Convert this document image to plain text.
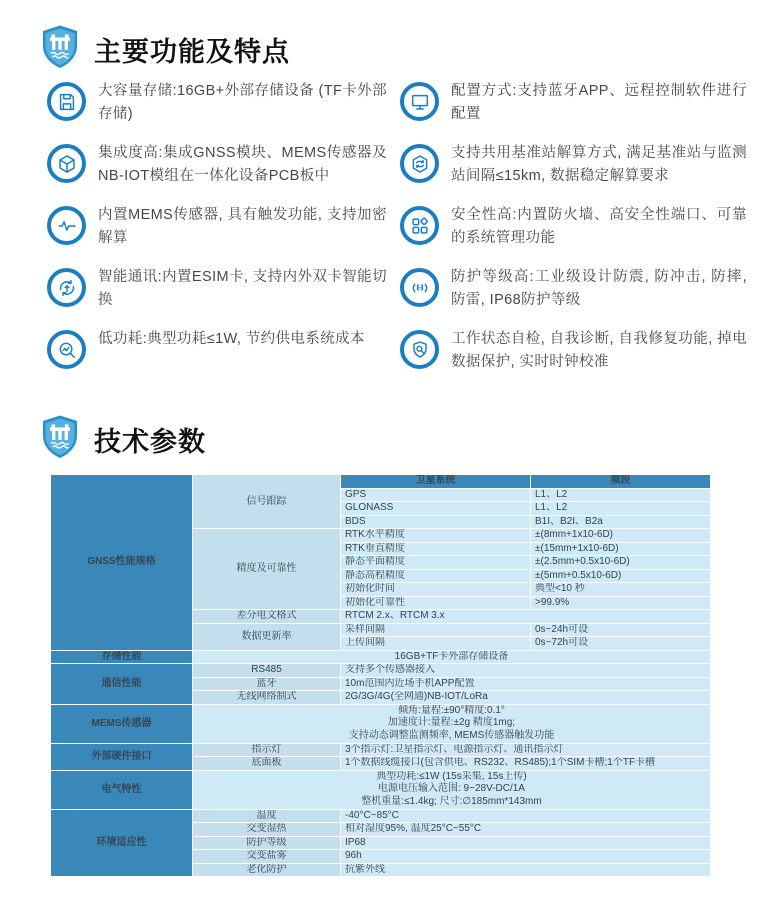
主要功能及特点
大容量存储:16GB+外部存储设备 (TF卡外部存储)
集成度高:集成GNSS模块、MEMS传感器及NB-IOT模组在一体化设备PCB板中
内置MEMS传感器, 具有触发功能, 支持加密解算
智能通讯:内置ESIM卡, 支持内外双卡智能切换
低功耗:典型功耗≤1W, 节约供电系统成本
配置方式:支持蓝牙APP、远程控制软件进行配置
支持共用基准站解算方式, 满足基准站与监测站间隔≤15km, 数据稳定解算要求
安全性高:内置防火墙、高安全性端口、可靠的系统管理功能
防护等级高:工业级设计防震, 防冲击, 防摔, 防雷, IP68防护等级
工作状态自检, 自我诊断, 自我修复功能, 掉电数据保护, 实时时钟校准
技术参数
GNSS性能规格	信号跟踪	卫星系统	频段
		GPS	L1、L2
		GLONASS	L1、L2
		BDS	B1I、B2I、B2a
	精度及可靠性	RTK水平精度	±(8mm+1x10-6D)
		RTK垂直精度	±(15mm+1x10-6D)
		静态平面精度	±(2.5mm+0.5x10-6D)
		静态高程精度	±(5mm+0.5x10-6D)
		初始化时间	典型<10 秒
		初始化可靠性	>99.9%
	差分电文格式	RTCM 2.x、RTCM 3.x	
	数据更新率	采样间隔	0s~24h可设
		上传间隔	0s~72h可设
存储性能	16GB+TF卡外部存储设备		
通信性能	RS485	支持多个传感器接入	
	蓝牙	10m范围内近场手机APP配置	
	无线网络制式	2G/3G/4G(全网通)NB-IOT/LoRa	
MEMS传感器	倾角:量程:±90°精度:0.1°
加速度计:量程:±2g 精度1mg;
支持动态调整监测频率, MEMS传感器触发功能		

外部硬件接口	指示灯	3个指示灯:卫星指示灯、电源指示灯、通讯指示灯	
	底面板	1个数据线缆接口(包含供电、RS232、RS485);1个SIM卡槽;1个TF卡槽	
电气特性	典型功耗:≤1W (15s采集, 15s上传)
电源电压输入范围: 9~28V-DC/1A
整机重量:≤1.4kg; 尺寸:∅185mm*143mm		

环境适应性	温度	-40°C~85°C	
	交变湿热	相对湿度95%, 温度25°C~55°C	
	防护等级	IP68	
	交变盐雾	96h	
	老化防护	抗紫外线	
